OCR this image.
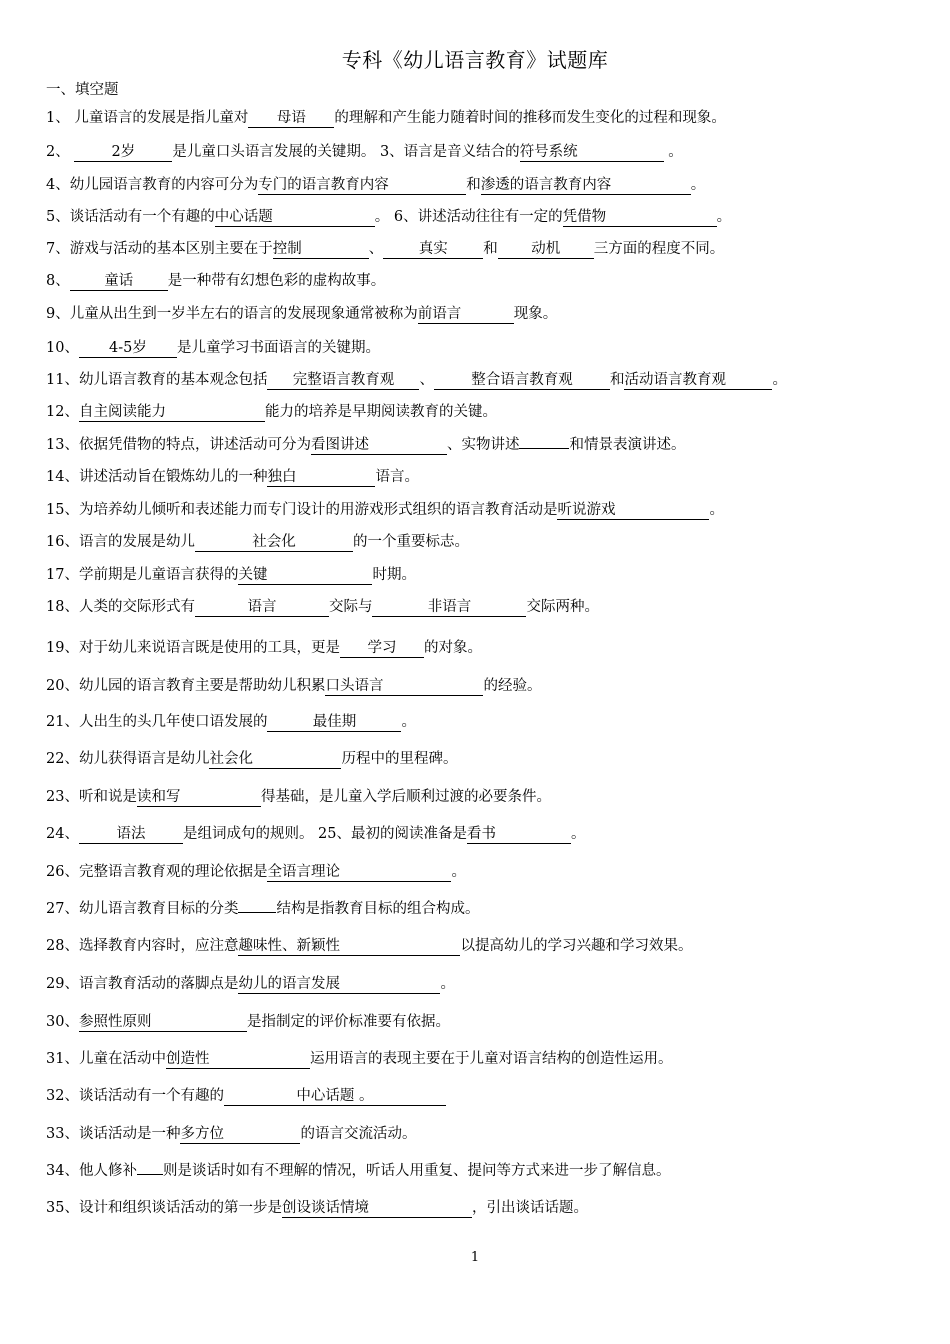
专科《幼儿语言教育》试题库
一、填空题
1、 儿童语言的发展是指儿童对 母语 的理解和产生能力随着时间的推移而发生变化的过程和现象。
2、	2岁	是儿童口头语言发展的关键期。 3、语言是音义结合的符号系统	。
4、幼儿园语言教育的内容可分为专门的语言教育内容	和渗透的语言教育内容	。
5、谈话活动有一个有趣的中心话题	。 6、讲述活动往往有一定的凭借物	。
7、游戏与活动的基本区别主要在于控制	、 真实 和 动机 三方面的程度不同。
8、 童话 是一种带有幻想色彩的虚构故事。
9、儿童从出生到一岁半左右的语言的发展现象通常被称为前语言	现象。
10、 4-5岁 是儿童学习书面语言的关键期。
11、幼儿语言教育的基本观念包括 完整语言教育观 、	整合语言教育观	和活动语言教育观	。
12、自主阅读能力	能力的培养是早期阅读教育的关键。
13、依据凭借物的特点，讲述活动可分为看图讲述	、实物讲述	和情景表演讲述。
14、讲述活动旨在锻炼幼儿的一种独白	语言。
15、为培养幼儿倾听和表述能力而专门设计的用游戏形式组织的语言教育活动是听说游戏	。
16、语言的发展是幼儿	社会化	的一个重要标志。
17、学前期是儿童语言获得的关键	时期。
18、人类的交际形式有	语言	交际与	非语言	交际两种。
19、对于幼儿来说语言既是使用的工具，更是 学习 的对象。
20、幼儿园的语言教育主要是帮助幼儿积累口头语言	的经验。
21、人出生的头几年使口语发展的	最佳期	。
22、幼儿获得语言是幼儿社会化	历程中的里程碑。
23、听和说是读和写	得基础，是儿童入学后顺利过渡的必要条件。
24、	语法	是组词成句的规则。 25、最初的阅读准备是看书	。
26、完整语言教育观的理论依据是全语言理论	。
27、幼儿语言教育目标的分类	结构是指教育目标的组合构成。
28、选择教育内容时，应注意趣味性、新颖性	以提高幼儿的学习兴趣和学习效果。
29、语言教育活动的落脚点是幼儿的语言发展	。
30、参照性原则	是指制定的评价标准要有依据。
31、儿童在活动中创造性	运用语言的表现主要在于儿童对语言结构的创造性运用。
32、谈话活动有一个有趣的	中心话题 。
33、谈话活动是一种多方位	的语言交流活动。
34、他人修补 则是谈话时如有不理解的情况，听话人用重复、提问等方式来进一步了解信息。
35、设计和组织谈话活动的第一步是创设谈话情境	，引出谈话话题。
1
